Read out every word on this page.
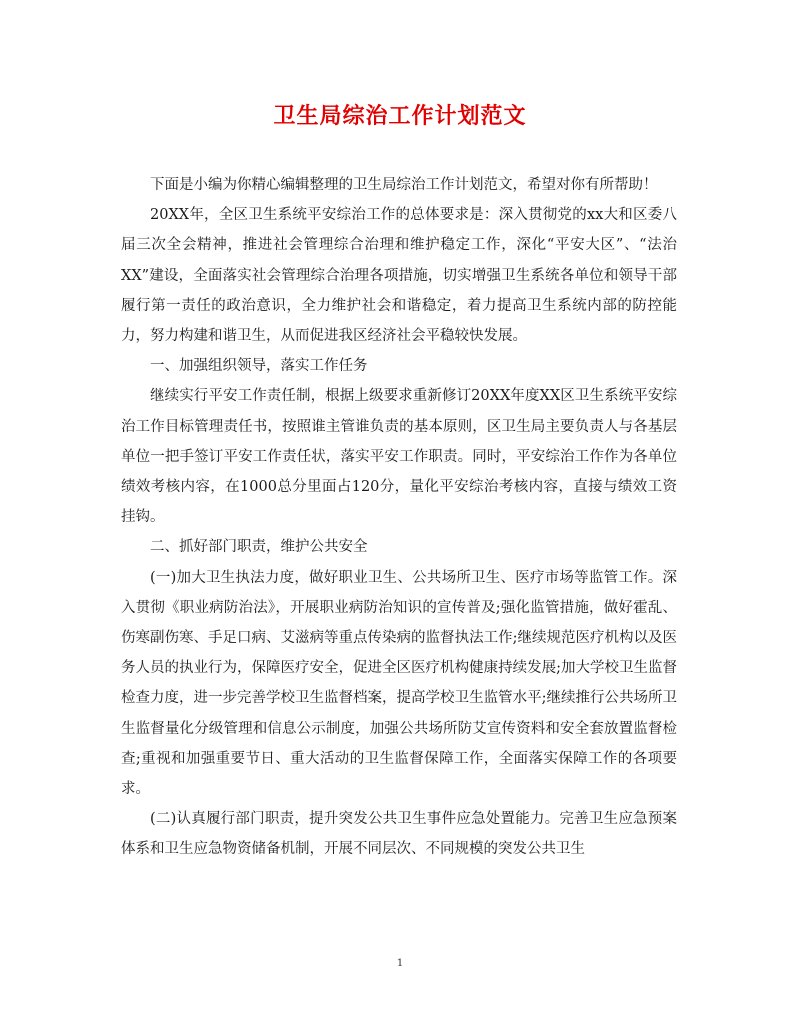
卫生局综治工作计划范文

下面是小编为你精心编辑整理的卫生局综治工作计划范文，希望对你有所帮助！

20XX年，全区卫生系统平安综治工作的总体要求是：深入贯彻党的xx大和区委八届三次全会精神，推进社会管理综合治理和维护稳定工作，深化“平安大区”、“法治XX”建设，全面落实社会管理综合治理各项措施，切实增强卫生系统各单位和领导干部履行第一责任的政治意识，全力维护社会和谐稳定，着力提高卫生系统内部的防控能力，努力构建和谐卫生，从而促进我区经济社会平稳较快发展。

一、加强组织领导，落实工作任务

继续实行平安工作责任制，根据上级要求重新修订20XX年度XX区卫生系统平安综治工作目标管理责任书，按照谁主管谁负责的基本原则，区卫生局主要负责人与各基层单位一把手签订平安工作责任状，落实平安工作职责。同时，平安综治工作作为各单位绩效考核内容，在1000总分里面占120分，量化平安综治考核内容，直接与绩效工资挂钩。

二、抓好部门职责，维护公共安全

(一)加大卫生执法力度，做好职业卫生、公共场所卫生、医疗市场等监管工作。深入贯彻《职业病防治法》，开展职业病防治知识的宣传普及;强化监管措施，做好霍乱、伤寒副伤寒、手足口病、艾滋病等重点传染病的监督执法工作;继续规范医疗机构以及医务人员的执业行为，保障医疗安全，促进全区医疗机构健康持续发展;加大学校卫生监督检查力度，进一步完善学校卫生监督档案，提高学校卫生监管水平;继续推行公共场所卫生监督量化分级管理和信息公示制度，加强公共场所防艾宣传资料和安全套放置监督检查;重视和加强重要节日、重大活动的卫生监督保障工作，全面落实保障工作的各项要求。

(二)认真履行部门职责，提升突发公共卫生事件应急处置能力。完善卫生应急预案体系和卫生应急物资储备机制，开展不同层次、不同规模的突发公共卫生

1
